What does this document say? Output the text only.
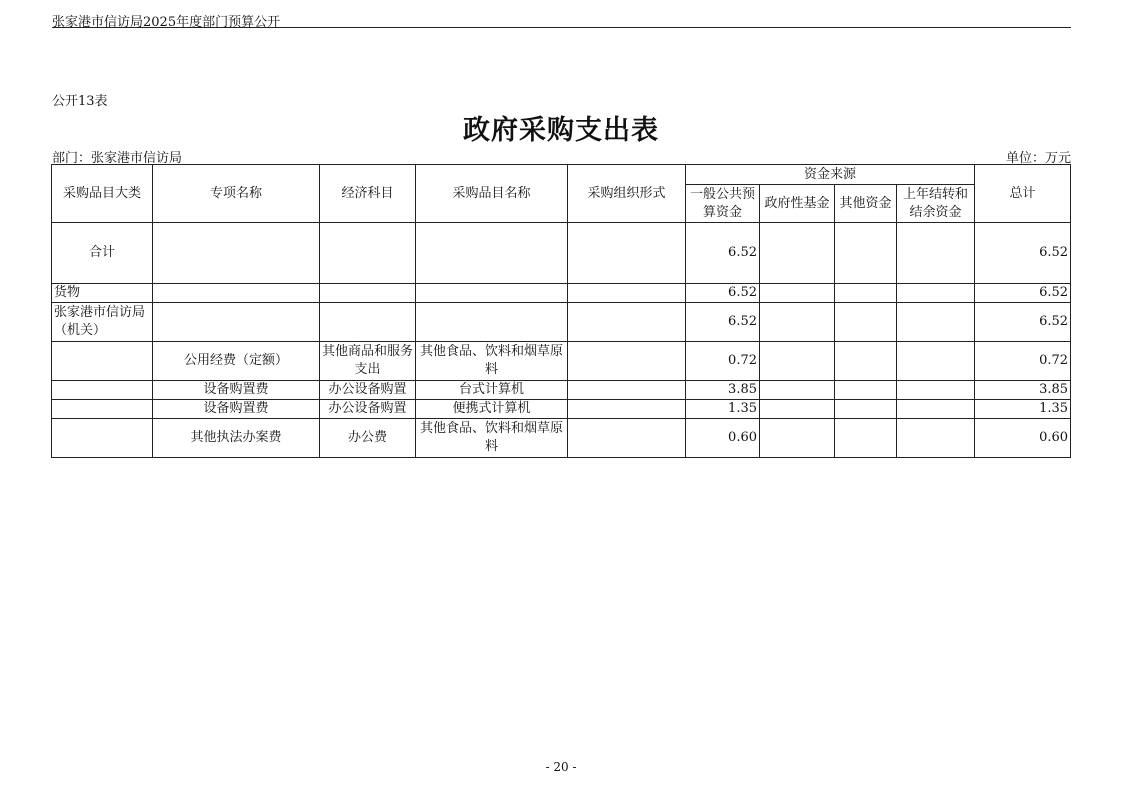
张家港市信访局2025年度部门预算公开
公开13表
政府采购支出表
部门：张家港市信访局	单位：万元
采购品目大类	专项名称	经济科目	采购品目名称	采购组织形式	资金来源				总计
					一般公共预算资金	政府性基金	其他资金	上年结转和结余资金	
合计					6.52				6.52
货物					6.52				6.52
张家港市信访局（机关）					6.52				6.52
	公用经费（定额）	其他商品和服务支出	其他食品、饮料和烟草原料		0.72				0.72
	设备购置费	办公设备购置	台式计算机		3.85				3.85
	设备购置费	办公设备购置	便携式计算机		1.35				1.35
	其他执法办案费	办公费	其他食品、饮料和烟草原料		0.60				0.60
- 20 -
